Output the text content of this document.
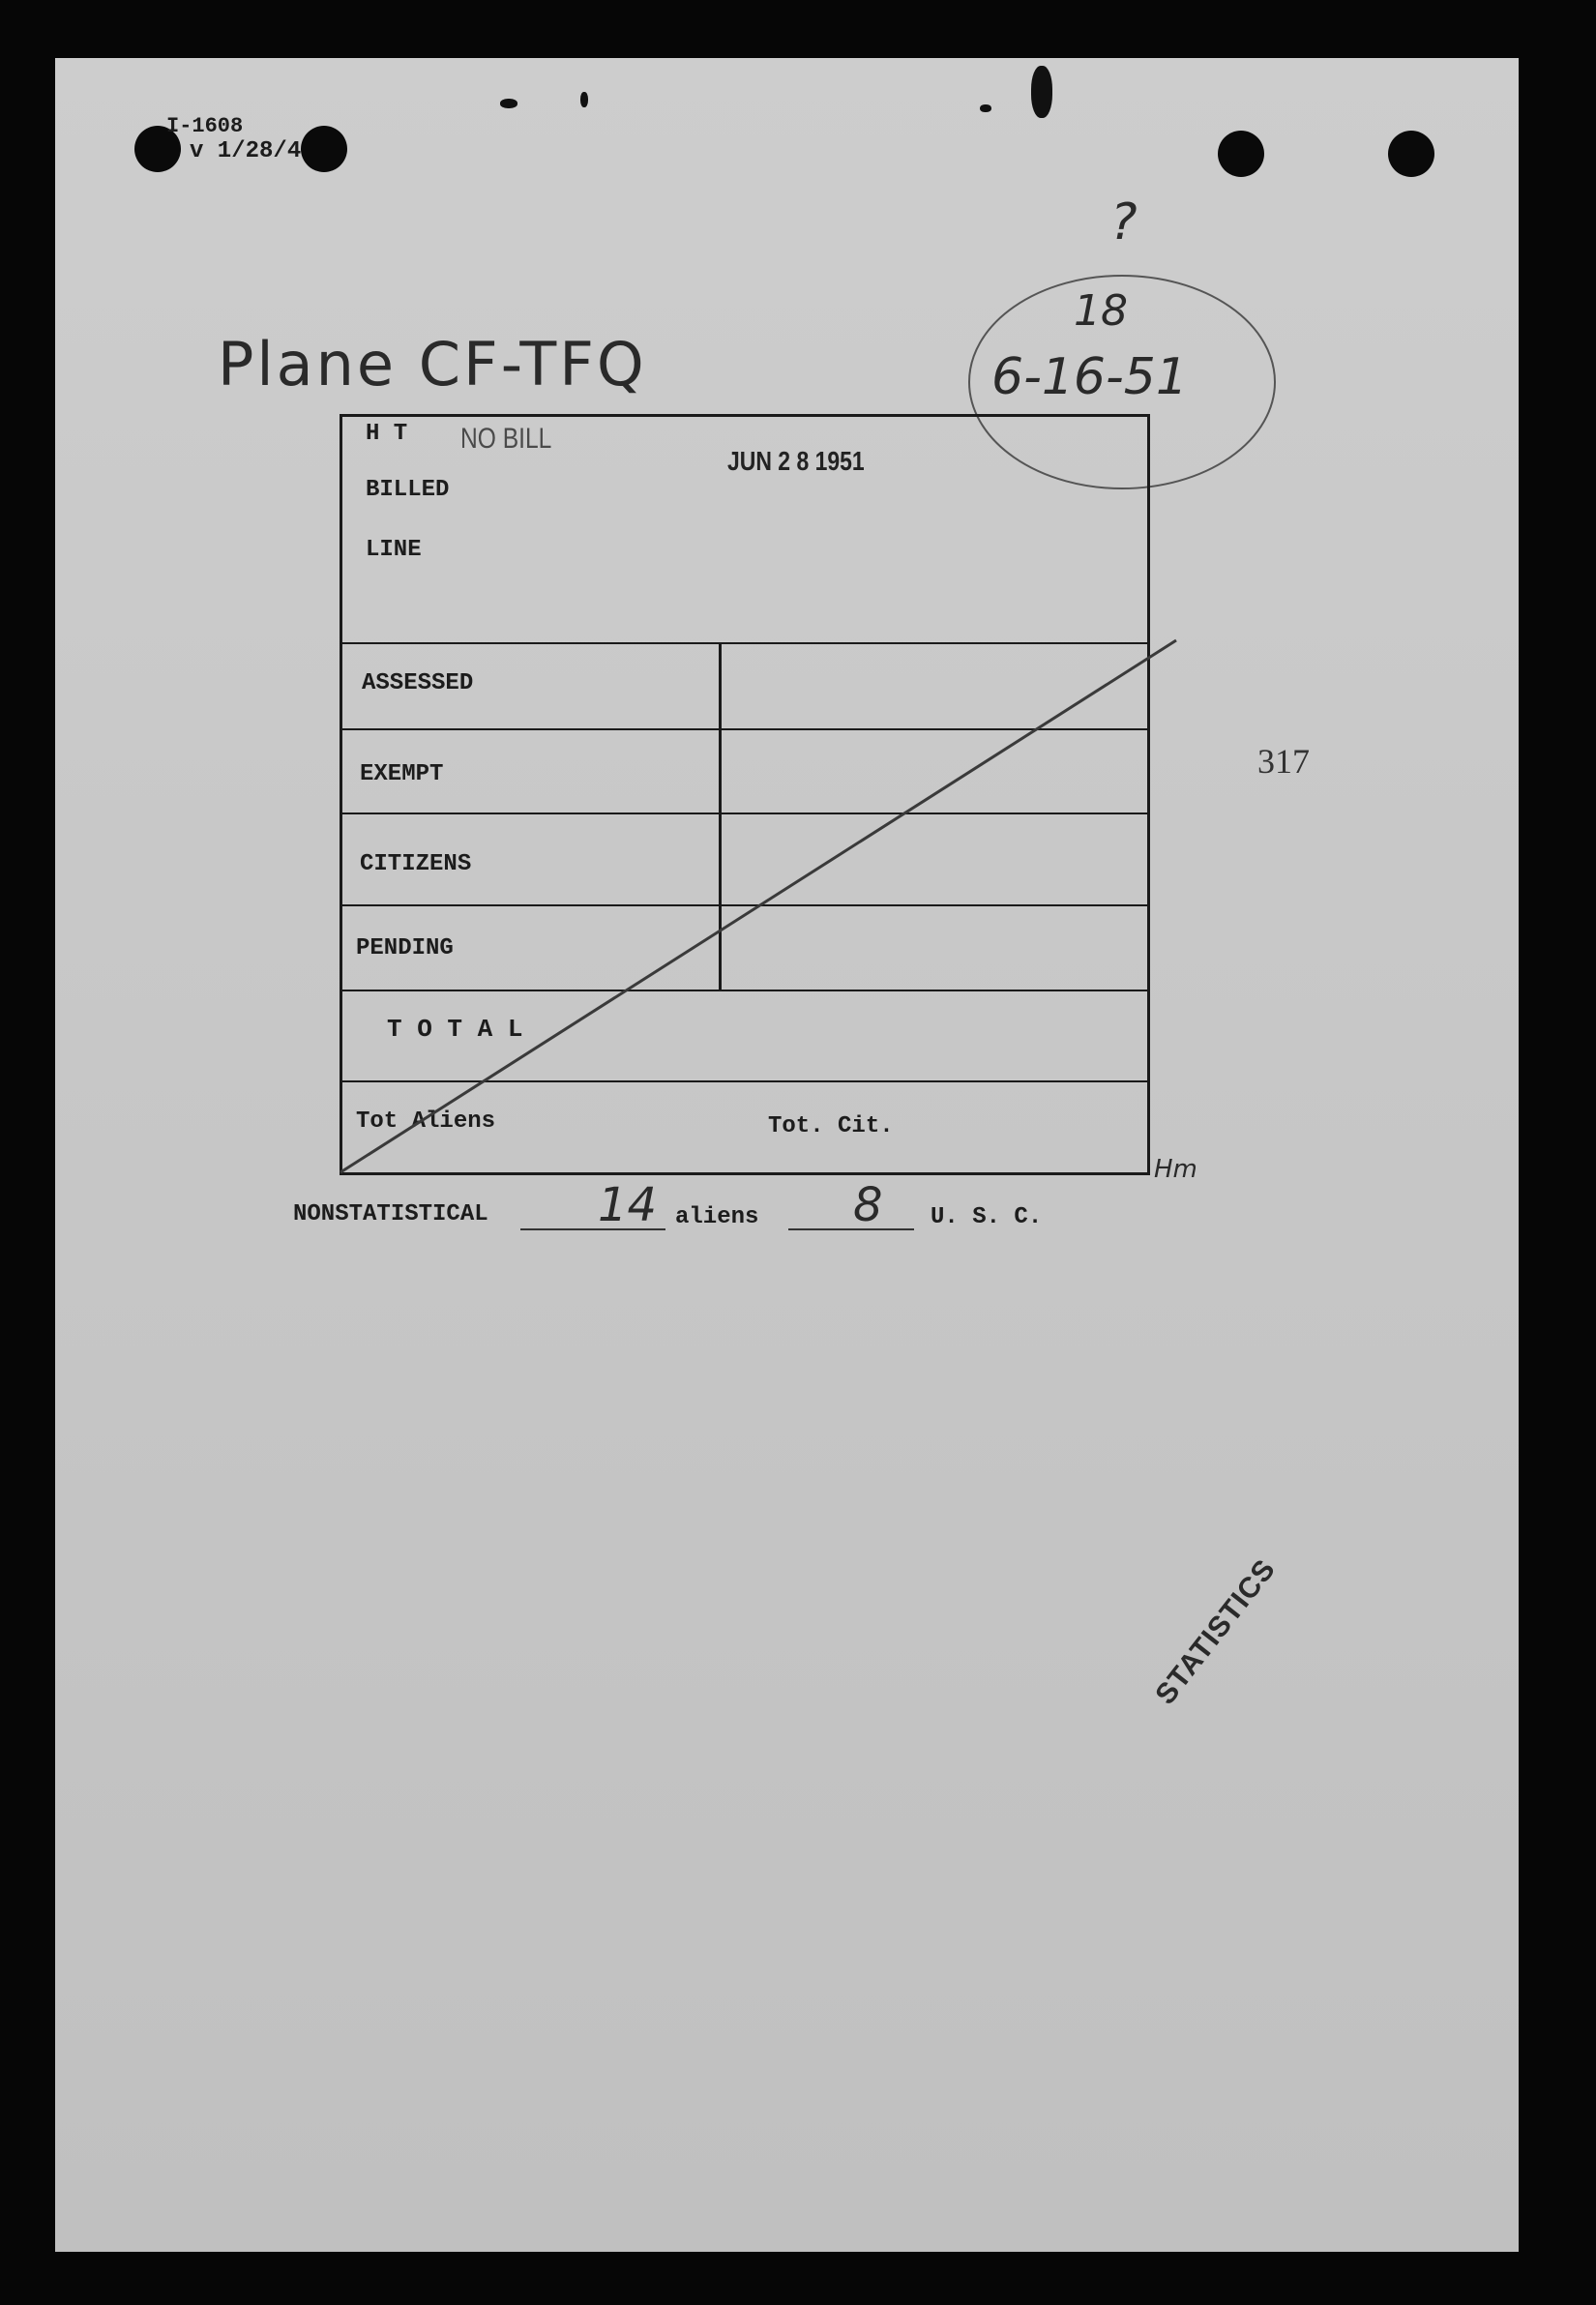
I-1608
v 1/28/4
Plane CF-TFQ
?
18
6-16-51
Hm
NO BILL
JUN 2 8 1951
STATISTICS
317
H T
BILLED
LINE
ASSESSED
EXEMPT
CITIZENS
PENDING
T O T A L
Tot Aliens	Tot. Cit.
NONSTATISTICAL 14 aliens 8 U. S. C.
